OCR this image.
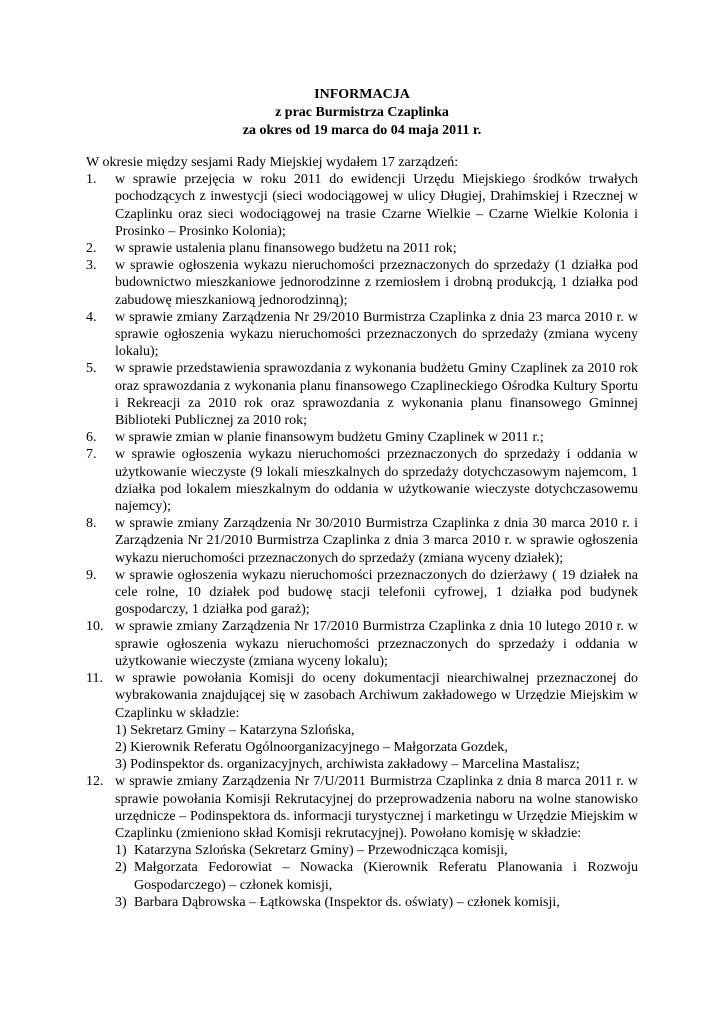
INFORMACJA
z prac Burmistrza Czaplinka
za okres od 19 marca do 04 maja 2011 r.

W okresie między sesjami Rady Miejskiej wydałem 17 zarządzeń:

1. w sprawie przejęcia w roku 2011 do ewidencji Urzędu Miejskiego środków trwałych pochodzących z inwestycji (sieci wodociągowej w ulicy Długiej, Drahimskiej i Rzecznej w Czaplinku oraz sieci wodociągowej na trasie Czarne Wielkie – Czarne Wielkie Kolonia i Prosinko – Prosinko Kolonia);
2. w sprawie ustalenia planu finansowego budżetu na 2011 rok;
3. w sprawie ogłoszenia wykazu nieruchomości przeznaczonych do sprzedaży (1 działka pod budownictwo mieszkaniowe jednorodzinne z rzemiosłem i drobną produkcją, 1 działka pod zabudowę mieszkaniową jednorodzinną);
4. w sprawie zmiany Zarządzenia Nr 29/2010 Burmistrza Czaplinka z dnia 23 marca 2010 r. w sprawie ogłoszenia wykazu nieruchomości przeznaczonych do sprzedaży (zmiana wyceny lokalu);
5. w sprawie przedstawienia sprawozdania z wykonania budżetu Gminy Czaplinek za 2010 rok oraz sprawozdania z wykonania planu finansowego Czaplineckiego Ośrodka Kultury Sportu i Rekreacji za 2010 rok oraz sprawozdania z wykonania planu finansowego Gminnej Biblioteki Publicznej za 2010 rok;
6. w sprawie zmian w planie finansowym budżetu Gminy Czaplinek w 2011 r.;
7. w sprawie ogłoszenia wykazu nieruchomości przeznaczonych do sprzedaży i oddania w użytkowanie wieczyste (9 lokali mieszkalnych do sprzedaży dotychczasowym najemcom, 1 działka pod lokalem mieszkalnym do oddania w użytkowanie wieczyste dotychczasowemu najemcy);
8. w sprawie zmiany Zarządzenia Nr 30/2010 Burmistrza Czaplinka z dnia 30 marca 2010 r. i Zarządzenia Nr 21/2010 Burmistrza Czaplinka z dnia 3 marca 2010 r. w sprawie ogłoszenia wykazu nieruchomości przeznaczonych do sprzedaży (zmiana wyceny działek);
9. w sprawie ogłoszenia wykazu nieruchomości przeznaczonych do dzierżawy ( 19 działek na cele rolne, 10 działek pod budowę stacji telefonii cyfrowej, 1 działka pod budynek gospodarczy, 1 działka pod garaż);
10. w sprawie zmiany Zarządzenia Nr 17/2010 Burmistrza Czaplinka z dnia 10 lutego 2010 r. w sprawie ogłoszenia wykazu nieruchomości przeznaczonych do sprzedaży i oddania w użytkowanie wieczyste (zmiana wyceny lokalu);
11. w sprawie powołania Komisji do oceny dokumentacji niearchiwalnej przeznaczonej do wybrakowania znajdującej się w zasobach Archiwum zakładowego w Urzędzie Miejskim w Czaplinku w składzie:
1) Sekretarz Gminy – Katarzyna Szlońska,
2) Kierownik Referatu Ogólnoorganizacyjnego – Małgorzata Gozdek,
3) Podinspektor ds. organizacyjnych, archiwista zakładowy – Marcelina Mastalisz;
12. w sprawie zmiany Zarządzenia Nr 7/U/2011 Burmistrza Czaplinka z dnia 8 marca 2011 r. w sprawie powołania Komisji Rekrutacyjnej do przeprowadzenia naboru na wolne stanowisko urzędnicze – Podinspektora ds. informacji turystycznej i marketingu w Urzędzie Miejskim w Czaplinku (zmieniono skład Komisji rekrutacyjnej). Powołano komisję w składzie:
1) Katarzyna Szlońska (Sekretarz Gminy) – Przewodnicząca komisji,
2) Małgorzata Fedorowiat – Nowacka (Kierownik Referatu Planowania i Rozwoju Gospodarczego) – członek komisji,
3) Barbara Dąbrowska – Łątkowska (Inspektor ds. oświaty) – członek komisji,
